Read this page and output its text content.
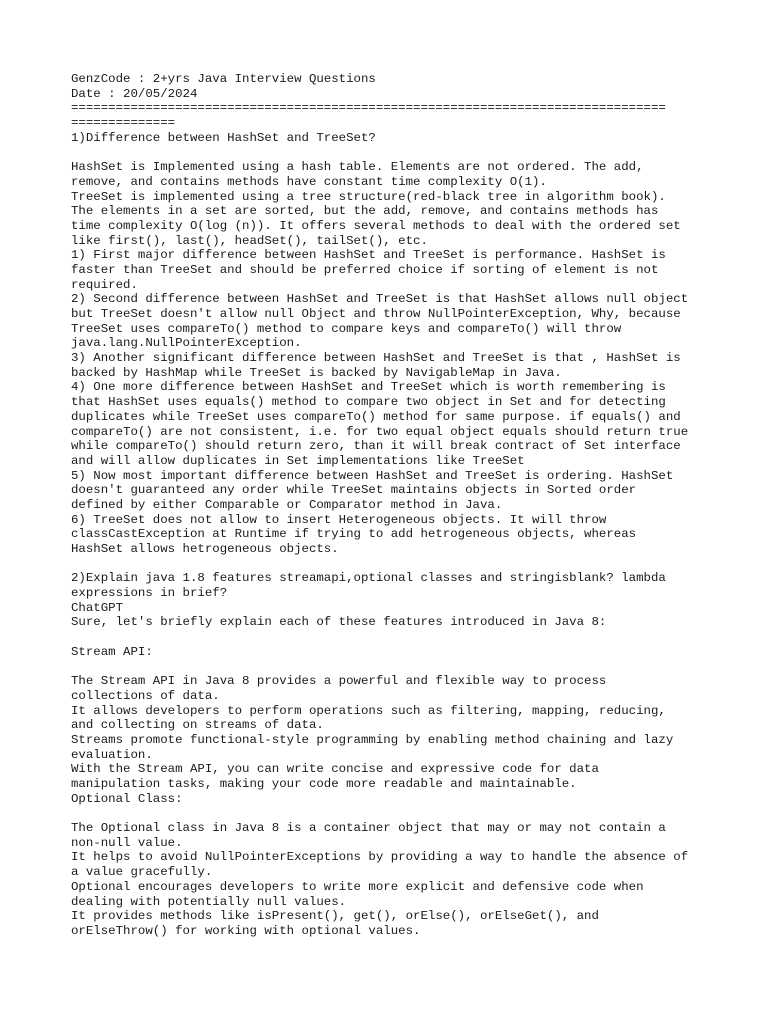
GenzCode : 2+yrs Java Interview Questions
Date : 20/05/2024
================================================================================
==============
1)Difference between HashSet and TreeSet?
HashSet is Implemented using a hash table. Elements are not ordered. The add,
remove, and contains methods have constant time complexity O(1).
TreeSet is implemented using a tree structure(red-black tree in algorithm book).
The elements in a set are sorted, but the add, remove, and contains methods has
time complexity O(log (n)). It offers several methods to deal with the ordered set
like first(), last(), headSet(), tailSet(), etc.
1) First major difference between HashSet and TreeSet is performance. HashSet is
faster than TreeSet and should be preferred choice if sorting of element is not
required.
2) Second difference between HashSet and TreeSet is that HashSet allows null object
but TreeSet doesn't allow null Object and throw NullPointerException, Why, because
TreeSet uses compareTo() method to compare keys and compareTo() will throw
java.lang.NullPointerException.
3) Another significant difference between HashSet and TreeSet is that , HashSet is
backed by HashMap while TreeSet is backed by NavigableMap in Java.
4) One more difference between HashSet and TreeSet which is worth remembering is
that HashSet uses equals() method to compare two object in Set and for detecting
duplicates while TreeSet uses compareTo() method for same purpose. if equals() and
compareTo() are not consistent, i.e. for two equal object equals should return true
while compareTo() should return zero, than it will break contract of Set interface
and will allow duplicates in Set implementations like TreeSet
5) Now most important difference between HashSet and TreeSet is ordering. HashSet
doesn't guaranteed any order while TreeSet maintains objects in Sorted order
defined by either Comparable or Comparator method in Java.
6) TreeSet does not allow to insert Heterogeneous objects. It will throw
classCastException at Runtime if trying to add hetrogeneous objects, whereas
HashSet allows hetrogeneous objects.
2)Explain java 1.8 features streamapi,optional classes and stringisblank? lambda
expressions in brief?
ChatGPT
Sure, let's briefly explain each of these features introduced in Java 8:
Stream API:
The Stream API in Java 8 provides a powerful and flexible way to process
collections of data.
It allows developers to perform operations such as filtering, mapping, reducing,
and collecting on streams of data.
Streams promote functional-style programming by enabling method chaining and lazy
evaluation.
With the Stream API, you can write concise and expressive code for data
manipulation tasks, making your code more readable and maintainable.
Optional Class:
The Optional class in Java 8 is a container object that may or may not contain a
non-null value.
It helps to avoid NullPointerExceptions by providing a way to handle the absence of
a value gracefully.
Optional encourages developers to write more explicit and defensive code when
dealing with potentially null values.
It provides methods like isPresent(), get(), orElse(), orElseGet(), and
orElseThrow() for working with optional values.
